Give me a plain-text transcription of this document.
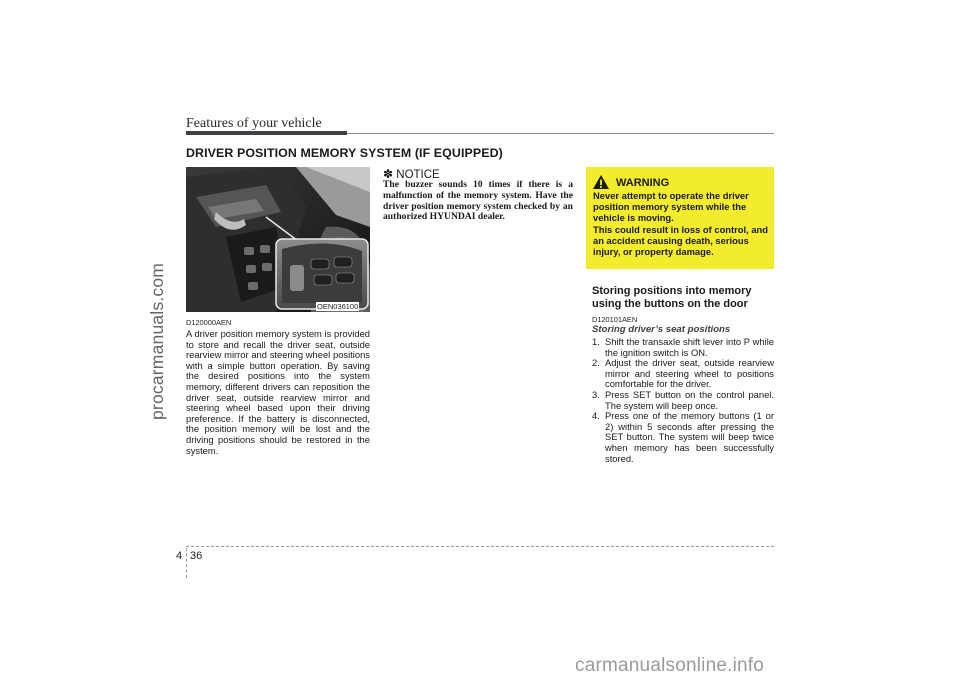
Features of your vehicle
DRIVER POSITION MEMORY SYSTEM (IF EQUIPPED)
OEN036100
D120000AEN
A driver position memory system is provided to store and recall the driver seat, outside rearview mirror and steering wheel positions with a simple button operation. By saving the desired positions into the system memory, different drivers can reposition the driver seat, outside rearview mirror and steering wheel based upon their driving preference. If the battery is disconnected, the position memory will be lost and the driving positions should be restored in the system.
✽ NOTICE
The buzzer sounds 10 times if there is a malfunction of the memory system. Have the driver position memory system checked by an authorized HYUNDAI dealer.
WARNING

Never attempt to operate the driver position memory system while the vehicle is moving.

This could result in loss of control, and an accident causing death, serious injury, or property damage.

Storing positions into memory using the buttons on the door
D120101AEN
Storing driver’s seat positions
1. Shift the transaxle shift lever into P while the ignition switch is ON.
2. Adjust the driver seat, outside rearview mirror and steering wheel to positions comfortable for the driver.
3. Press SET button on the control panel. The system will beep once.
4. Press one of the memory buttons (1 or 2) within 5 seconds after pressing the SET button. The system will beep twice when memory has been successfully stored.
procarmanuals.com
carmanualsonline.info
4 36
